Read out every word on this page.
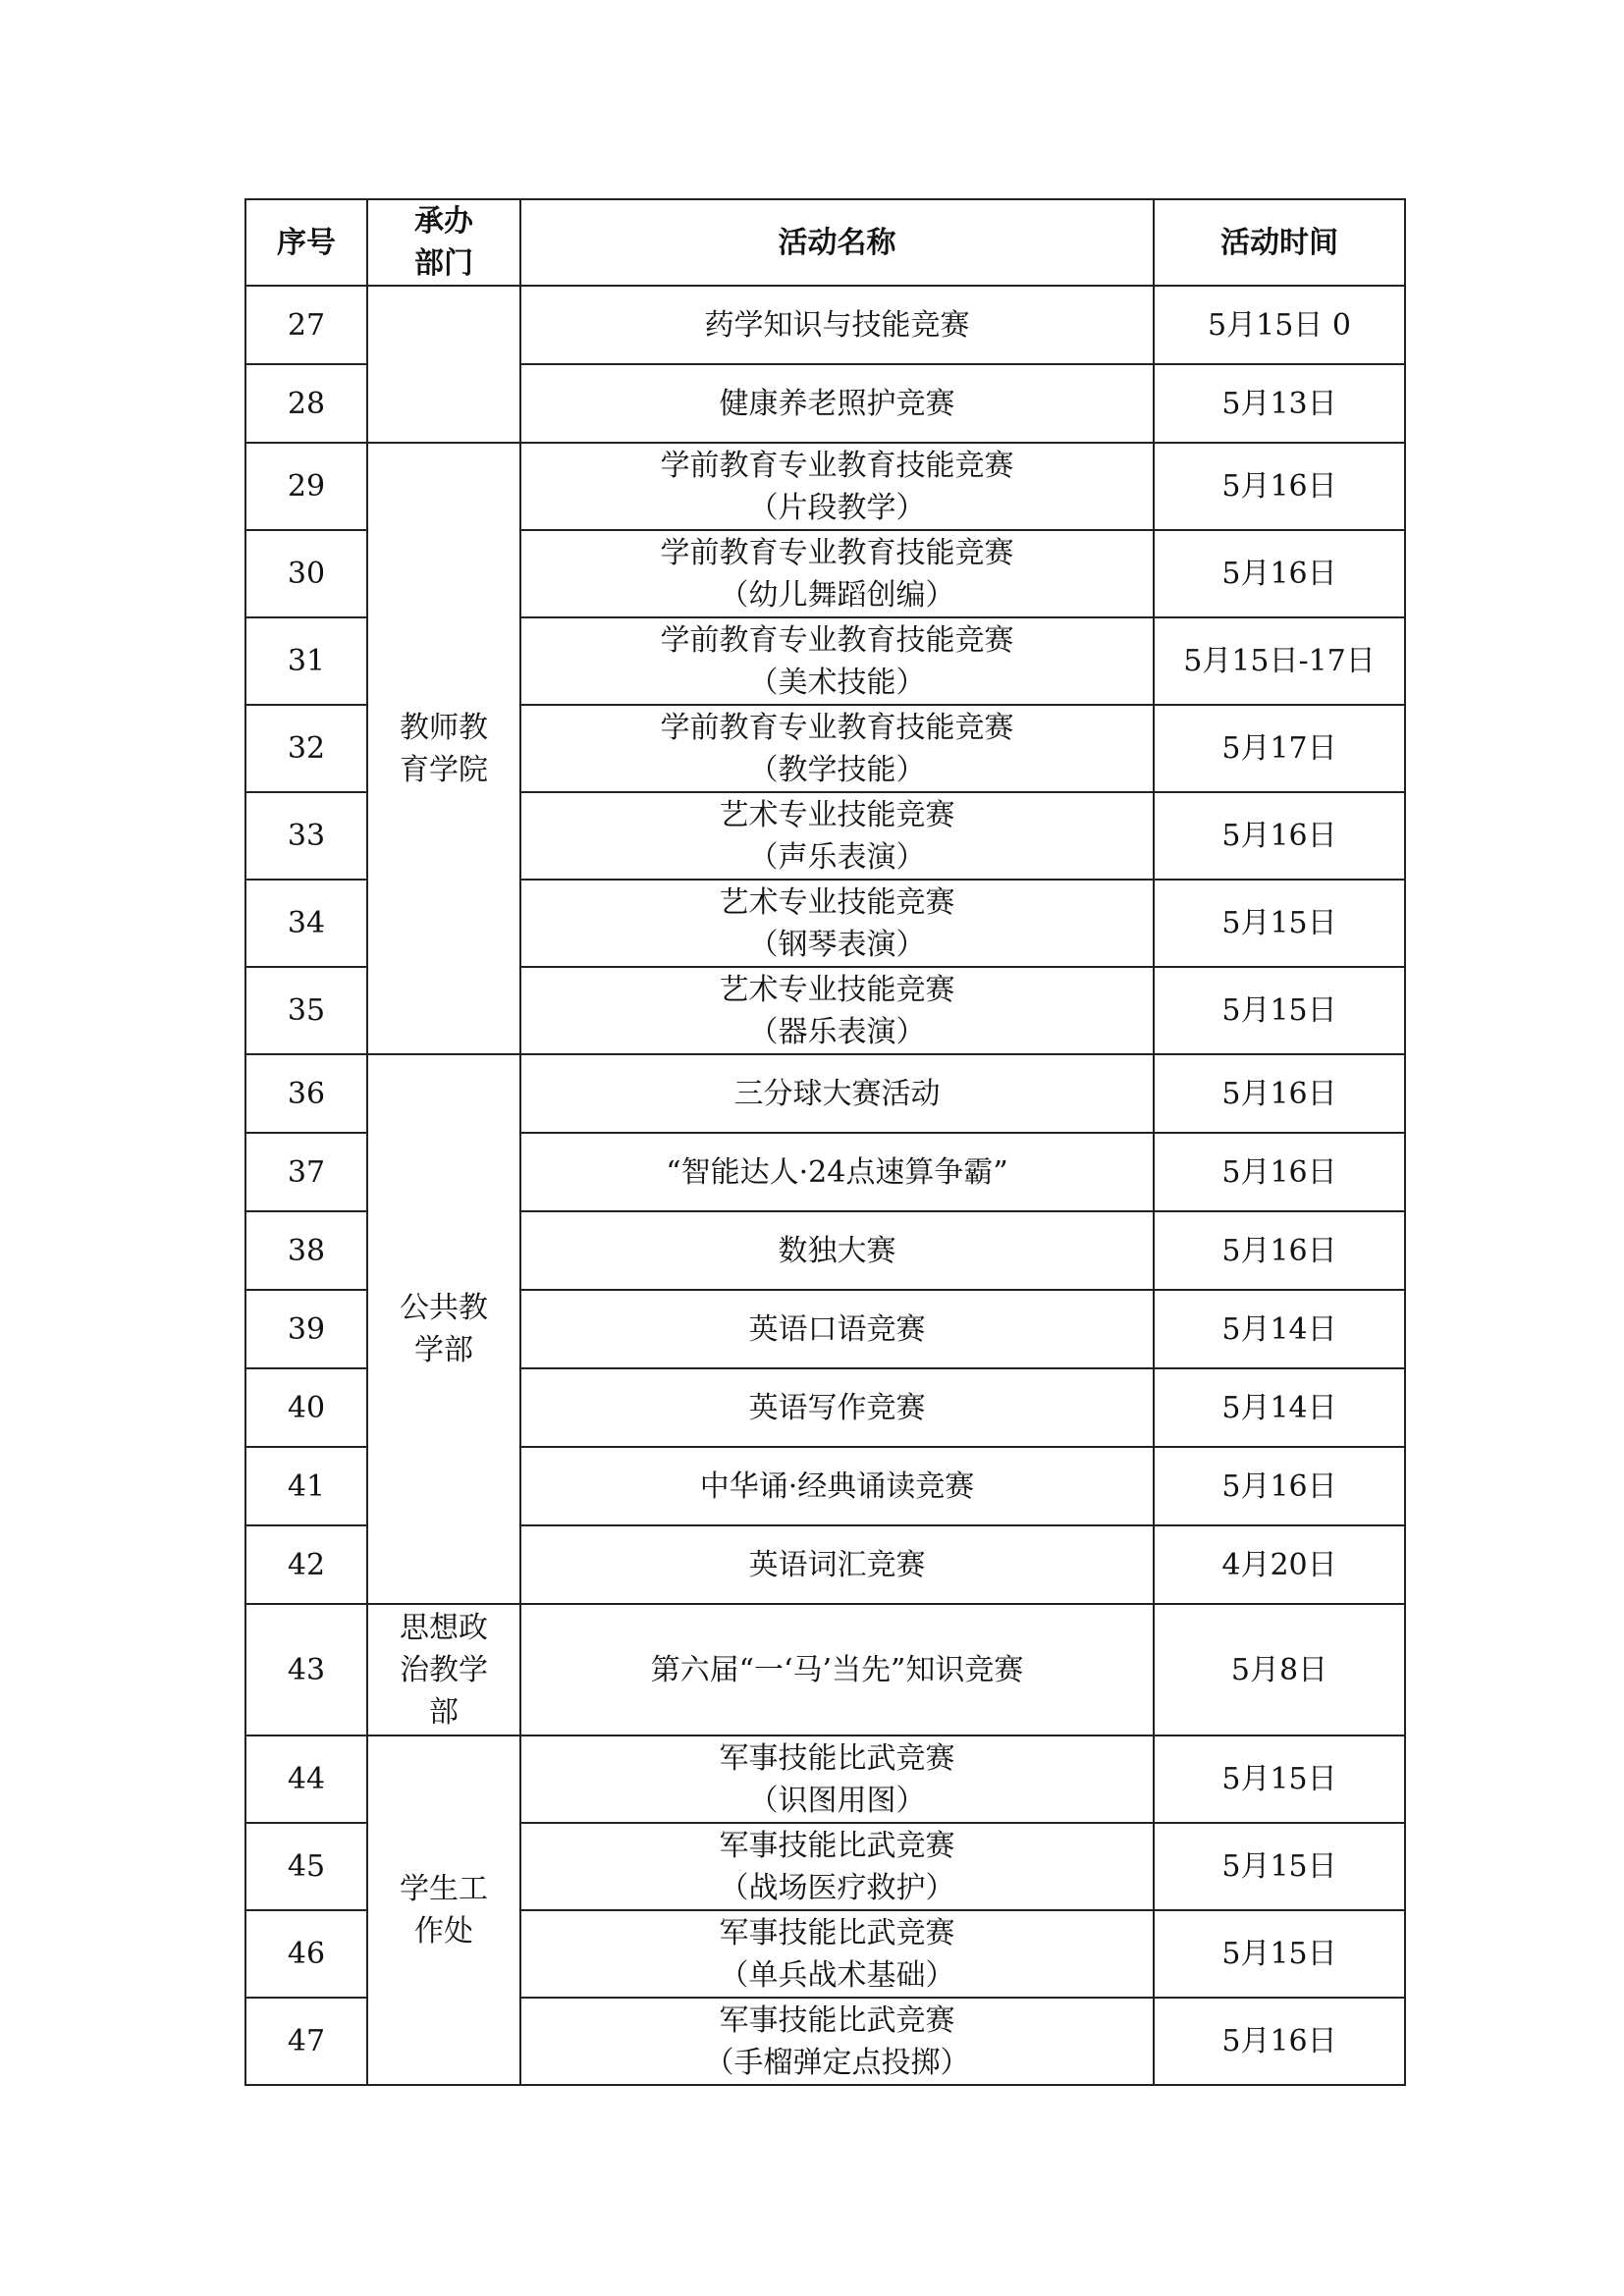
序号	承办
部门	活动名称	活动时间
27		药学知识与技能竞赛	5月15日 0
28		健康养老照护竞赛	5月13日
29	教师教
育学院	学前教育专业教育技能竞赛
（片段教学）	5月16日
30		学前教育专业教育技能竞赛
（幼儿舞蹈创编）	5月16日
31		学前教育专业教育技能竞赛
（美术技能）	5月15日-17日
32		学前教育专业教育技能竞赛
（教学技能）	5月17日
33		艺术专业技能竞赛
（声乐表演）	5月16日
34		艺术专业技能竞赛
（钢琴表演）	5月15日
35		艺术专业技能竞赛
（器乐表演）	5月15日
36	公共教
学部	三分球大赛活动	5月16日
37		“智能达人·24点速算争霸”	5月16日
38		数独大赛	5月16日
39		英语口语竞赛	5月14日
40		英语写作竞赛	5月14日
41		中华诵·经典诵读竞赛	5月16日
42		英语词汇竞赛	4月20日
43	思想政
治教学
部	第六届“一‘马’当先”知识竞赛	5月8日
44	学生工
作处	军事技能比武竞赛
（识图用图）	5月15日
45		军事技能比武竞赛
（战场医疗救护）	5月15日
46		军事技能比武竞赛
（单兵战术基础）	5月15日
47		军事技能比武竞赛
（手榴弹定点投掷）	5月16日
